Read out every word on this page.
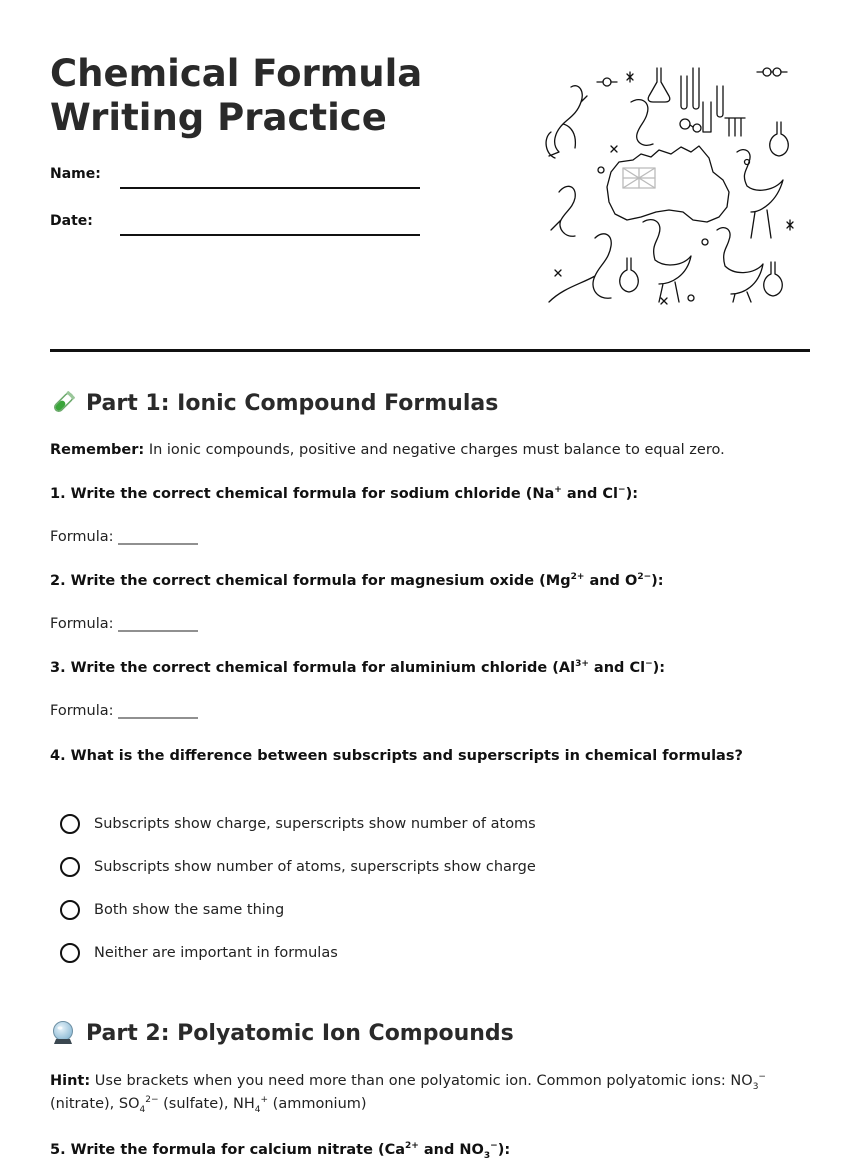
Chemical Formula Writing Practice
Name:
Date:
Part 1: Ionic Compound Formulas

Remember: In ionic compounds, positive and negative charges must balance to equal zero.

1. Write the correct chemical formula for sodium chloride (Na+ and Cl−):

Formula: ___________

2. Write the correct chemical formula for magnesium oxide ($Mg^{2+}$ and $O^{2-}$):

Formula: ___________

3. Write the correct chemical formula for aluminium chloride ($Al^{3+}$ and Cl−):

Formula: ___________

4. What is the difference between subscripts and superscripts in chemical formulas?

Subscripts show charge, superscripts show number of atoms
Subscripts show number of atoms, superscripts show charge
Both show the same thing
Neither are important in formulas
Part 2: Polyatomic Ion Compounds

Hint: Use brackets when you need more than one polyatomic ion. Common polyatomic ions: $NO_3^-$ (nitrate), $SO_4^{2-}$ (sulfate), $NH_4^+$ (ammonium)

5. Write the formula for calcium nitrate ($Ca^{2+}$ and $NO_3^-$):
